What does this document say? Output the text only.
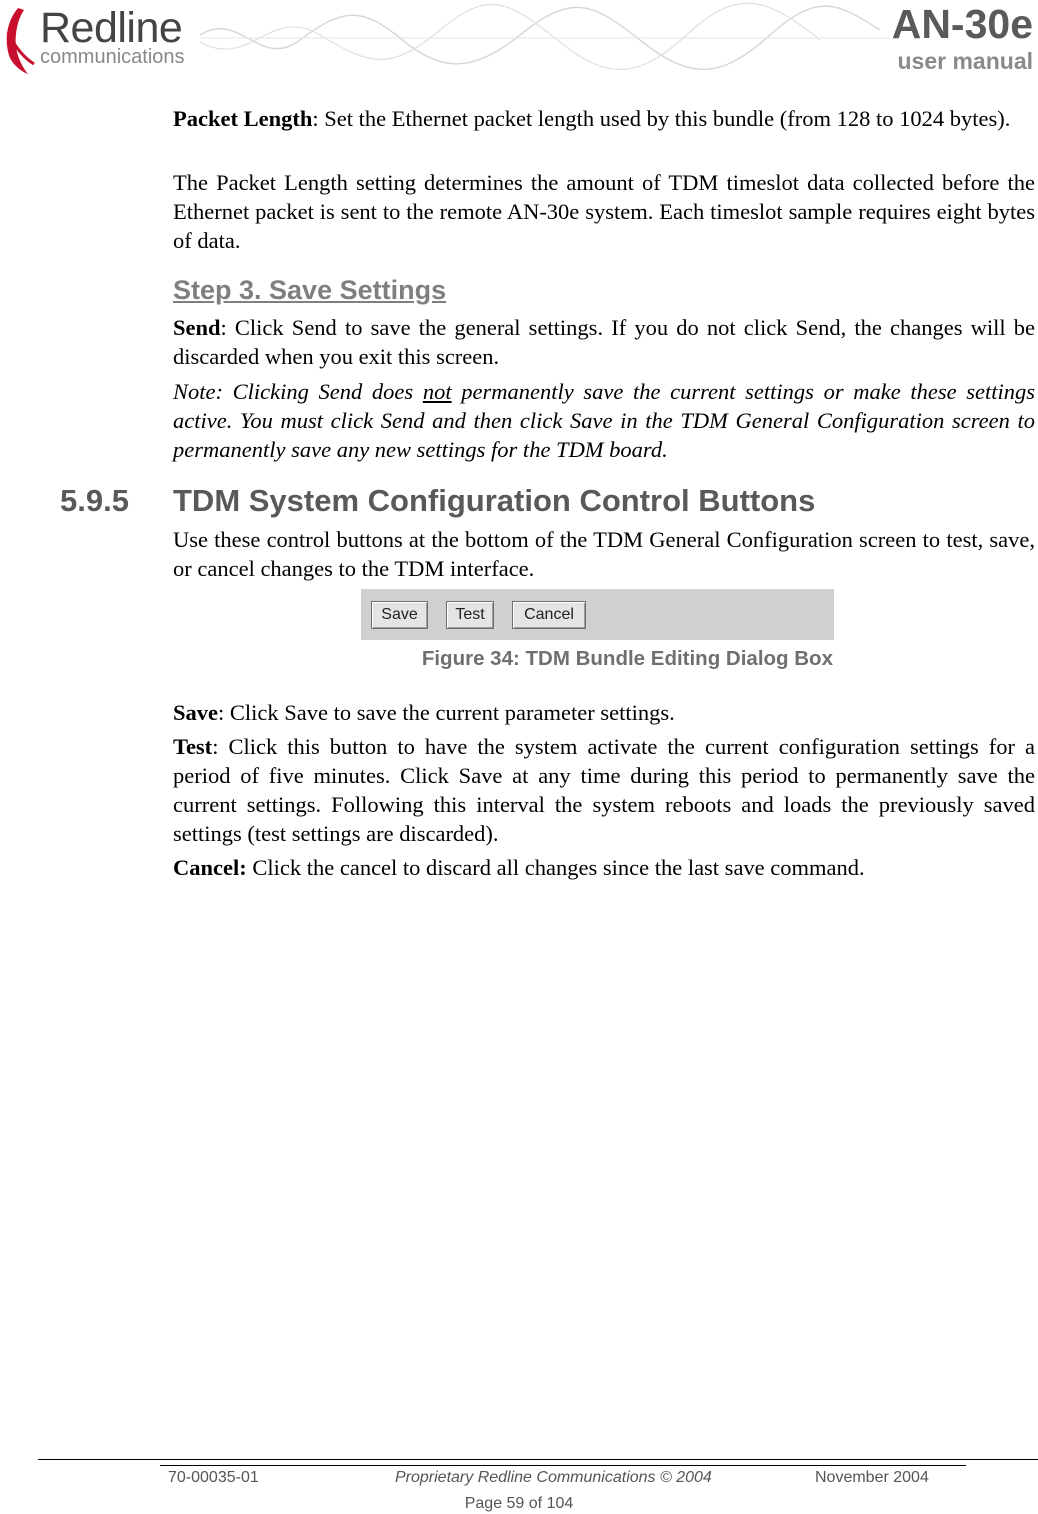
Redline
communications
AN-30e
user manual

Packet Length: Set the Ethernet packet length used by this bundle (from 128 to 1024 bytes).

The Packet Length setting determines the amount of TDM timeslot data collected before the Ethernet packet is sent to the remote AN-30e system. Each timeslot sample requires eight bytes of data.

Step 3. Save Settings

Send: Click Send to save the general settings. If you do not click Send, the changes will be discarded when you exit this screen.

Note: Clicking Send does not permanently save the current settings or make these settings active. You must click Send and then click Save in the TDM General Configuration screen to permanently save any new settings for the TDM board.

5.9.5 TDM System Configuration Control Buttons

Use these control buttons at the bottom of the TDM General Configuration screen to test, save, or cancel changes to the TDM interface.

Save	Test	Cancel
Figure 34: TDM Bundle Editing Dialog Box

Save: Click Save to save the current parameter settings.

Test: Click this button to have the system activate the current configuration settings for a period of five minutes. Click Save at any time during this period to permanently save the current settings. Following this interval the system reboots and loads the previously saved settings (test settings are discarded).

Cancel: Click the cancel to discard all changes since the last save command.

70-00035-01	Proprietary Redline Communications © 2004	November 2004
Page 59 of 104
